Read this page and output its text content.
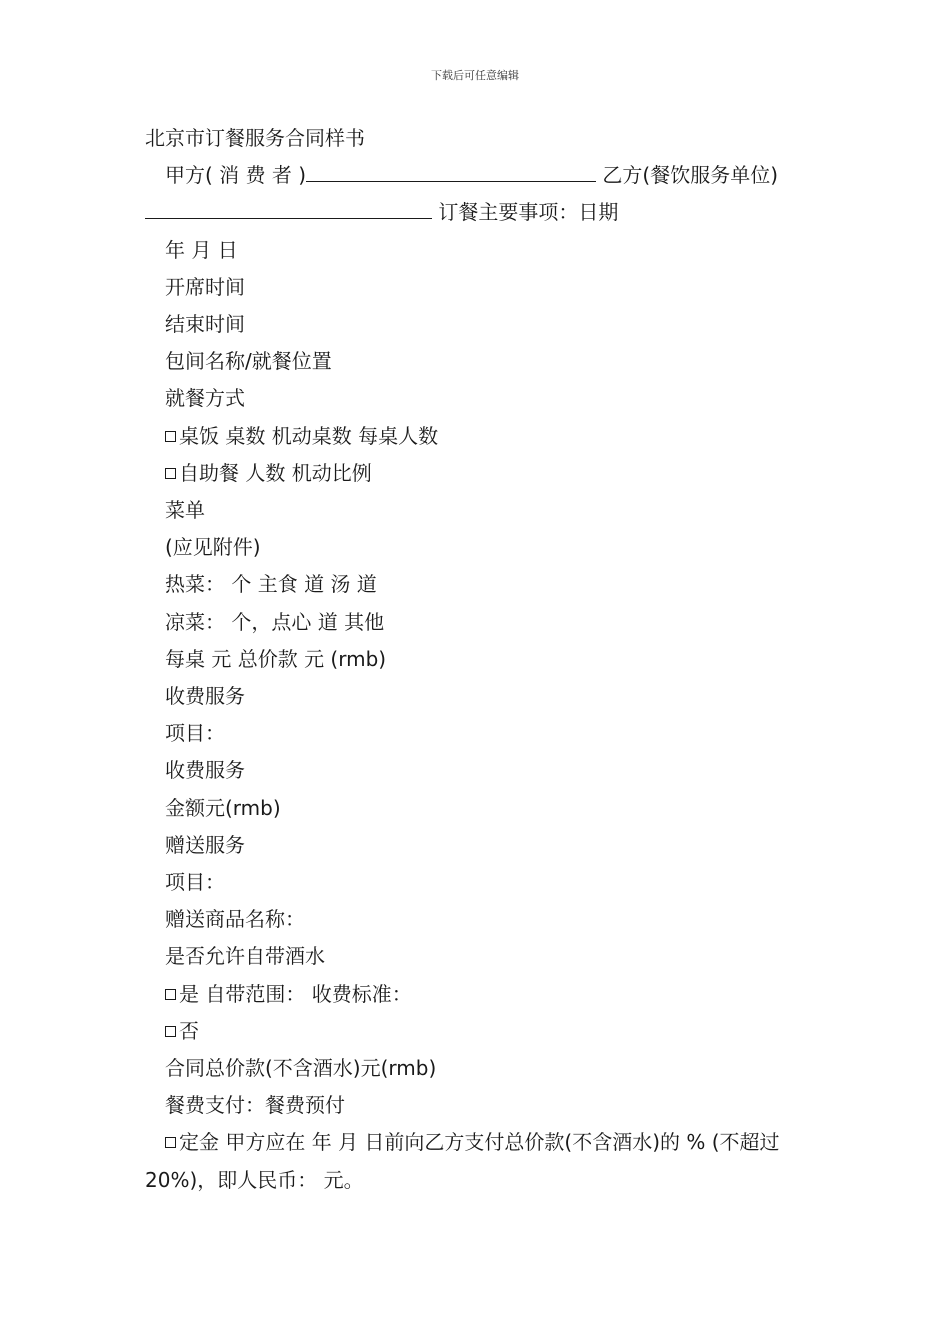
下载后可任意编辑
北京市订餐服务合同样书
甲方( 消 费 者 )	乙方(餐饮服务单位)
订餐主要事项：日期
年 月 日
开席时间
结束时间
包间名称/就餐位置
就餐方式
桌饭 桌数 机动桌数 每桌人数
自助餐 人数 机动比例
菜单
(应见附件)
热菜： 个 主食 道 汤 道
凉菜： 个，点心 道 其他
每桌 元 总价款 元 (rmb)
收费服务
项目：
收费服务
金额元(rmb)
赠送服务
项目：
赠送商品名称：
是否允许自带酒水
是 自带范围： 收费标准：
否
合同总价款(不含酒水)元(rmb)
餐费支付：餐费预付
定金 甲方应在 年 月 日前向乙方支付总价款(不含酒水)的 % (不超过 20%)，即人民币： 元。
